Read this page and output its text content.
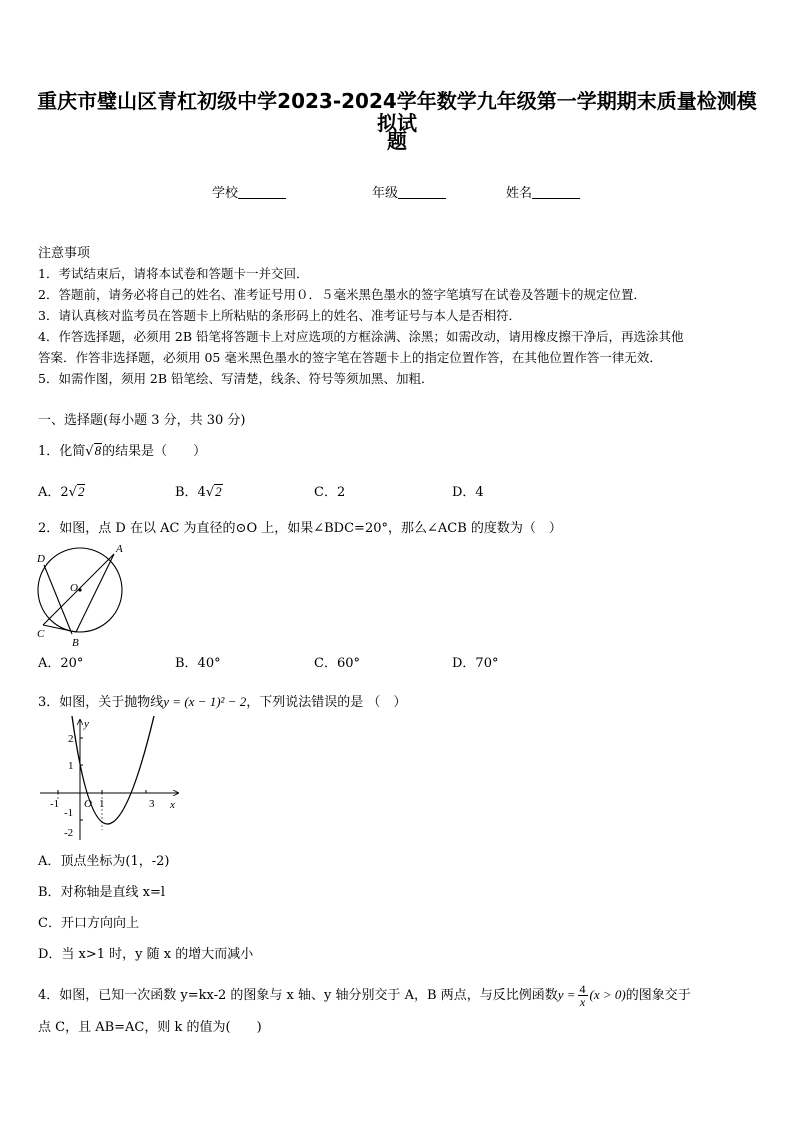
重庆市璧山区青杠初级中学2023-2024学年数学九年级第一学期期末质量检测模拟试
题
学校	年级	姓名
注意事项
1．考试结束后，请将本试卷和答题卡一并交回．
2．答题前，请务必将自己的姓名、准考证号用０．５毫米黑色墨水的签字笔填写在试卷及答题卡的规定位置．
3．请认真核对监考员在答题卡上所粘贴的条形码上的姓名、准考证号与本人是否相符．
4．作答选择题，必须用 2B 铅笔将答题卡上对应选项的方框涂满、涂黑；如需改动，请用橡皮擦干净后，再选涂其他
答案．作答非选择题，必须用 05 毫米黑色墨水的签字笔在答题卡上的指定位置作答，在其他位置作答一律无效．
5．如需作图，须用 2B 铅笔绘、写清楚，线条、符号等须加黑、加粗．
一、选择题(每小题 3 分，共 30 分)
1．化简√8的结果是（　　）
A．2√2	B．4√2	C．2	D．4
2．如图，点 D 在以 AC 为直径的⊙O 上，如果∠BDC=20°，那么∠ACB 的度数为（　）
D
A
O
C
B
A．20°	B．40°	C．60°	D．70°
3．如图，关于抛物线y = (x − 1)² − 2，下列说法错误的是 （　）
y
x
O
2
1
-1
-2
-1	1	3
A．顶点坐标为(1，-2)
B．对称轴是直线 x=l
C．开口方向向上
D．当 x>1 时，y 随 x 的增大而减小
4．如图，已知一次函数 y=kx-2 的图象与 x 轴、y 轴分别交于 A，B 两点，与反比例函数$y = \frac{4}{x} (x > 0)$的图象交于
点 C，且 AB=AC，则 k 的值为(　　)
